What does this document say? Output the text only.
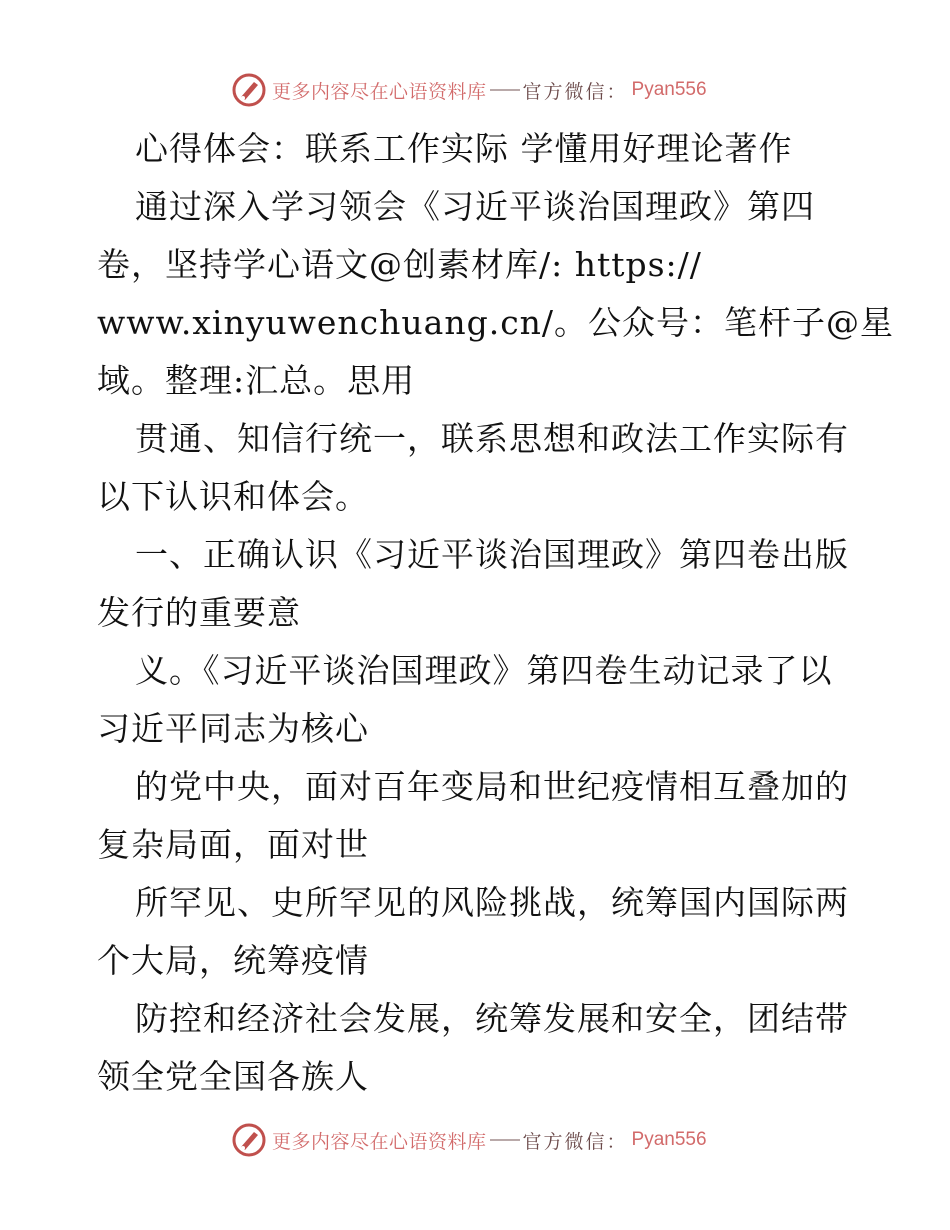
更多内容尽在心语资料库 官方微信： Pyan556
心得体会：联系工作实际 学懂用好理论著作
通过深入学习领会《习近平谈治国理政》第四
卷，坚持学心语文@创素材库/: https://
www.xinyuwenchuang.cn/。公众号：笔杆子@星
域。整理:汇总。思用
贯通、知信行统一，联系思想和政法工作实际有
以下认识和体会。
一、正确认识《习近平谈治国理政》第四卷出版
发行的重要意
义。《习近平谈治国理政》第四卷生动记录了以
习近平同志为核心
的党中央，面对百年变局和世纪疫情相互叠加的
复杂局面，面对世
所罕见、史所罕见的风险挑战，统筹国内国际两
个大局，统筹疫情
防控和经济社会发展，统筹发展和安全，团结带
领全党全国各族人
更多内容尽在心语资料库 官方微信： Pyan556
